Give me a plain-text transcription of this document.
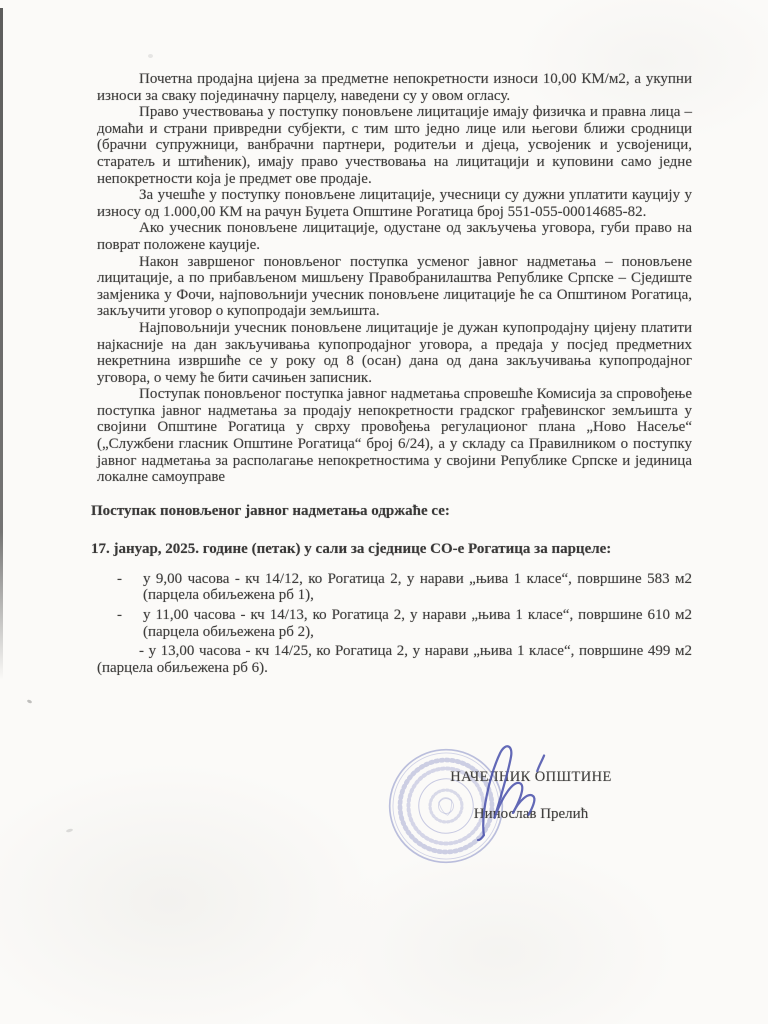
Почетна продајна цијена за предметне непокретности износи 10,00 КМ/м2, а укупни износи за сваку појединачну парцелу, наведени су у овом огласу.

Право учествовања у поступку поновљене лицитације имају физичка и правна лица – домаћи и страни привредни субјекти, с тим што једно лице или његови ближи сродници (брачни супружници, ванбрачни партнери, родитељи и дјеца, усвојеник и усвојеници, старатељ и штићеник), имају право учествовања на лицитацији и куповини само једне непокретности која је предмет ове продаје.

За учешће у поступку поновљене лицитације, учесници су дужни уплатити кауцију у износу од 1.000,00 КМ на рачун Буџета Општине Рогатица број 551-055-00014685-82.

Ако учесник поновљене лицитације, одустане од закључења уговора, губи право на поврат положене кауције.

Након завршеног поновљеног поступка усменог јавног надметања – поновљене лицитације, а по прибављеном мишљену Правобранилаштва Републике Српске – Сједиште замјеника у Фочи, најповољнији учесник поновљене лицитације ће са Општином Рогатица, закључити уговор о купопродаји земљишта.

Најповољнији учесник поновљене лицитације је дужан купопродајну цијену платити најкасније на дан закључивања купопродајног уговора, а предаја у посјед предметних некретнина извршиће се у року од 8 (осан) дана од дана закључивања купопродајног уговора, о чему ће бити сачињен записник.

Поступак поновљеног поступка јавног надметања спровешће Комисија за спровођење поступка јавног надметања за продају непокретности градског грађевинског земљишта у својини Општине Рогатица у сврху провођења регулационог плана „Ново Насеље“ („Службени гласник Општине Рогатица“ број 6/24), а у складу са Правилником о поступку јавног надметања за располагање непокретностима у својини Републике Српске и јединица локалне самоуправе

Поступак поновљеног јавног надметања одржаће се:
17. јануар, 2025. године (петак) у сали за сједнице СО-е Рогатица за парцеле:
- у 9,00 часова - кч 14/12, ко Рогатица 2, у нарави „њива 1 класе“, површине 583 м2 (парцела обиљежена рб 1),
- у 11,00 часова - кч 14/13, ко Рогатица 2, у нарави „њива 1 класе“, површине 610 м2 (парцела обиљежена рб 2),

- у 13,00 часова - кч 14/25, ко Рогатица 2, у нарави „њива 1 класе“, површине 499 м2 (парцела обиљежена рб 6).

НАЧЕЛНИК ОПШТИНЕ
Нинослав Прелић
